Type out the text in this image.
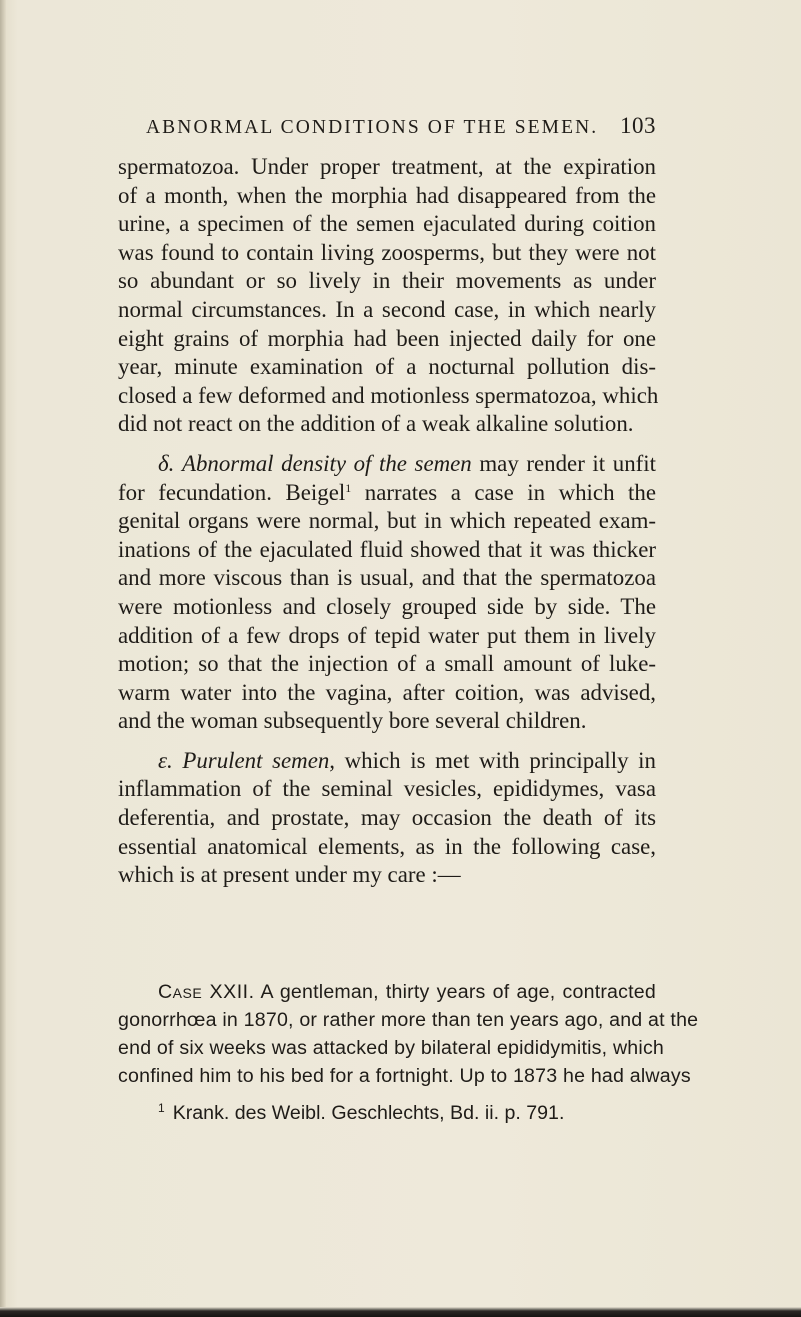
ABNORMAL CONDITIONS OF THE SEMEN. 103
spermatozoa. Under proper treatment, at the expiration
of a month, when the morphia had disappeared from the
urine, a specimen of the semen ejaculated during coition
was found to contain living zoosperms, but they were not
so abundant or so lively in their movements as under
normal circumstances. In a second case, in which nearly
eight grains of morphia had been injected daily for one
year, minute examination of a nocturnal pollution dis-
closed a few deformed and motionless spermatozoa, which
did not react on the addition of a weak alkaline solution.
δ. Abnormal density of the semen may render it unfit
for fecundation. Beigel$^1$ narrates a case in which the
genital organs were normal, but in which repeated exam-
inations of the ejaculated fluid showed that it was thicker
and more viscous than is usual, and that the spermatozoa
were motionless and closely grouped side by side. The
addition of a few drops of tepid water put them in lively
motion; so that the injection of a small amount of luke-
warm water into the vagina, after coition, was advised,
and the woman subsequently bore several children.
ε. Purulent semen, which is met with principally in
inflammation of the seminal vesicles, epididymes, vasa
deferentia, and prostate, may occasion the death of its
essential anatomical elements, as in the following case,
which is at present under my care :—
Case XXII. A gentleman, thirty years of age, contracted
gonorrhœa in 1870, or rather more than ten years ago, and at the
end of six weeks was attacked by bilateral epididymitis, which
confined him to his bed for a fortnight. Up to 1873 he had always
$^1$ Krank. des Weibl. Geschlechts, Bd. ii. p. 791.
